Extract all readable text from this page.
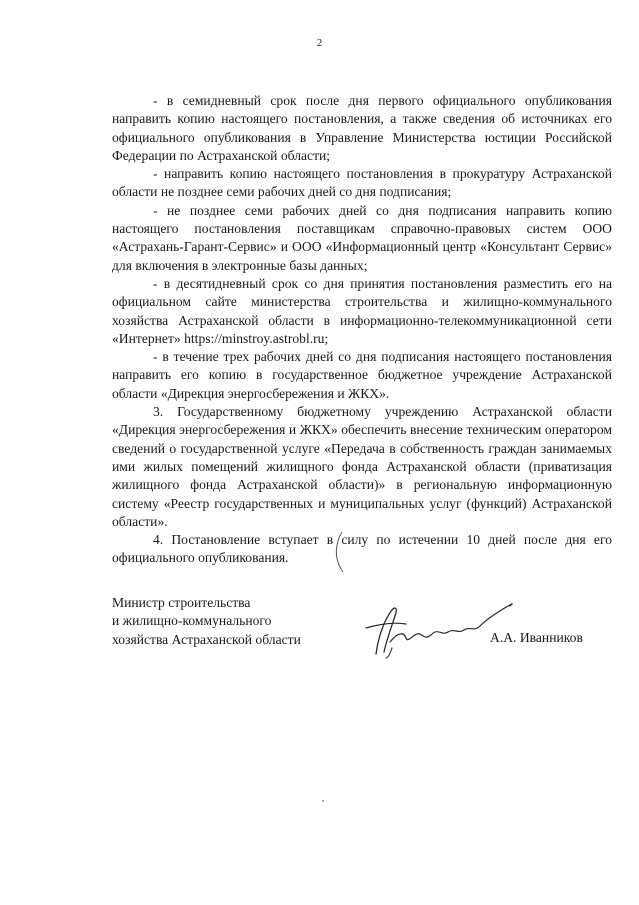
2

- в семидневный срок после дня первого официального опубликования направить копию настоящего постановления, а также сведения об источниках его официального опубликования в Управление Министерства юстиции Российской Федерации по Астраханской области;

- направить копию настоящего постановления в прокуратуру Астраханской области не позднее семи рабочих дней со дня подписания;

- не позднее семи рабочих дней со дня подписания направить копию настоящего постановления поставщикам справочно-правовых систем ООО «Астрахань-Гарант-Сервис» и ООО «Информационный центр «Консультант Сервис» для включения в электронные базы данных;

- в десятидневный срок со дня принятия постановления разместить его на официальном сайте министерства строительства и жилищно-коммунального хозяйства Астраханской области в информационно-телекоммуникационной сети «Интернет» https://minstroy.astrobl.ru;

- в течение трех рабочих дней со дня подписания настоящего постановления направить его копию в государственное бюджетное учреждение Астраханской области «Дирекция энергосбережения и ЖКХ».

3. Государственному бюджетному учреждению Астраханской области «Дирекция энергосбережения и ЖКХ» обеспечить внесение техническим оператором сведений о государственной услуге «Передача в собственность граждан занимаемых ими жилых помещений жилищного фонда Астраханской области (приватизация жилищного фонда Астраханской области)» в региональную информационную систему «Реестр государственных и муниципальных услуг (функций) Астраханской области».

4. Постановление вступает в силу по истечении 10 дней после дня его официального опубликования.

Министр строительства
и жилищно-коммунального
хозяйства Астраханской области	А.А. Иванников
